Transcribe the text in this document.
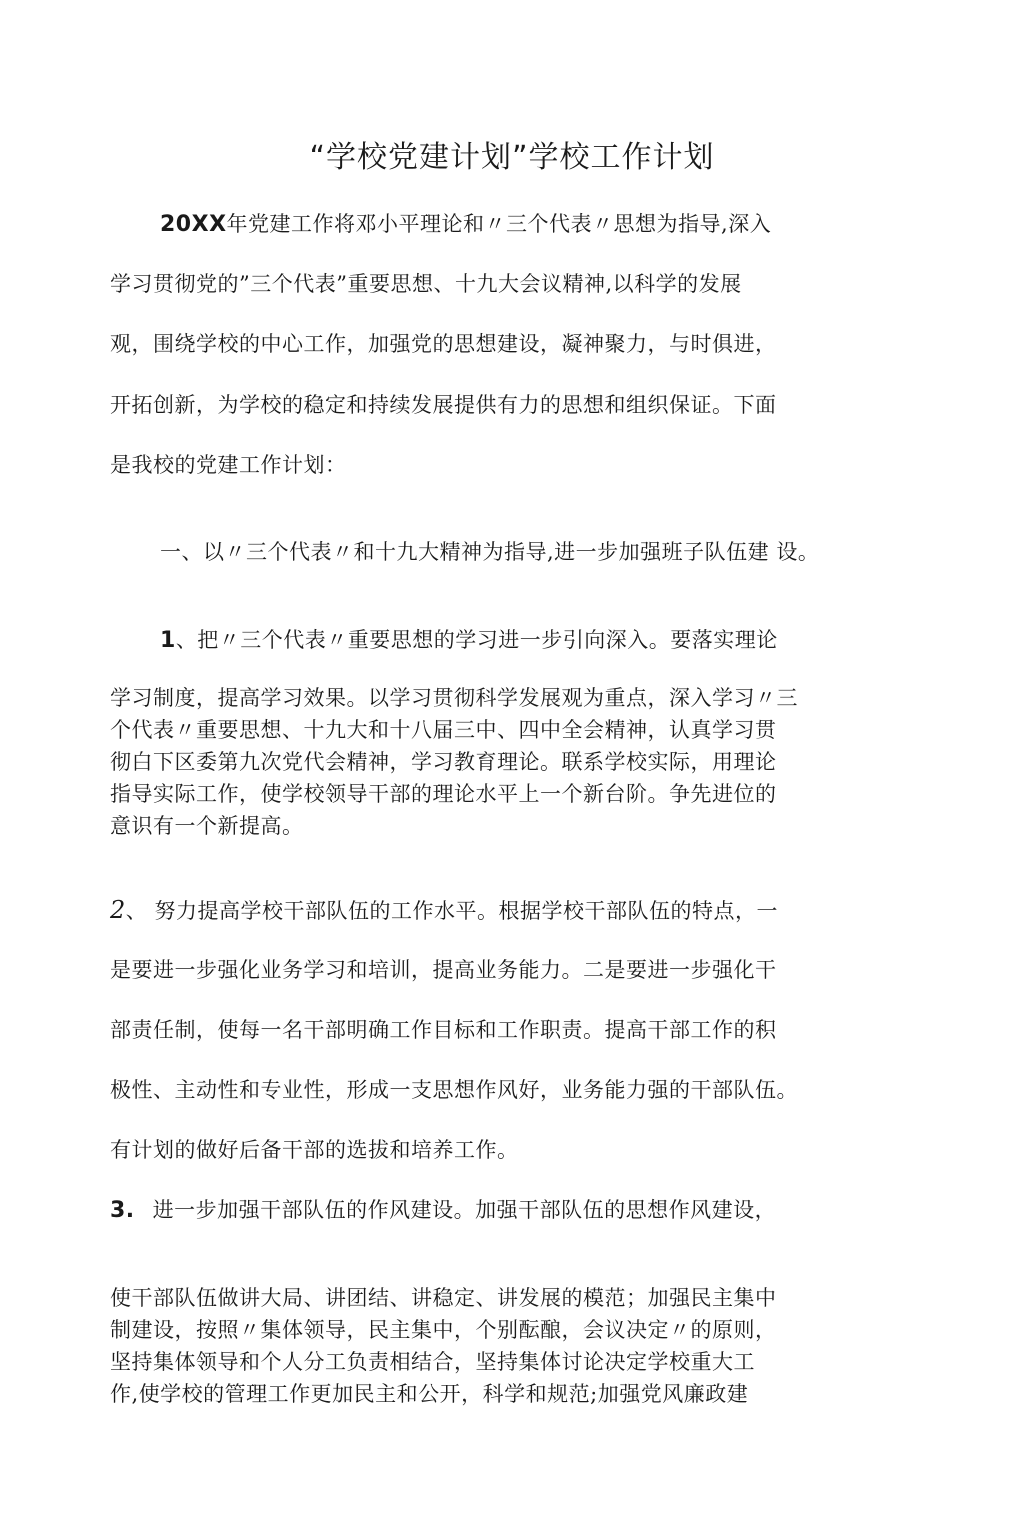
“学校党建计划”学校工作计划
20XX年党建工作将邓小平理论和〃三个代表〃思想为指导,深入
学习贯彻党的”三个代表”重要思想、十九大会议精神,以科学的发展
观，围绕学校的中心工作，加强党的思想建设，凝神聚力，与时俱进，
开拓创新，为学校的稳定和持续发展提供有力的思想和组织保证。下面
是我校的党建工作计划：
一、以〃三个代表〃和十九大精神为指导,进一步加强班子队伍建 设。
1、把〃三个代表〃重要思想的学习进一步引向深入。要落实理论
学习制度，提高学习效果。以学习贯彻科学发展观为重点，深入学习〃三
个代表〃重要思想、十九大和十八届三中、四中全会精神，认真学习贯
彻白下区委第九次党代会精神，学习教育理论。联系学校实际，用理论
指导实际工作，使学校领导干部的理论水平上一个新台阶。争先进位的
意识有一个新提高。
2、 努力提高学校干部队伍的工作水平。根据学校干部队伍的特点，一
是要进一步强化业务学习和培训，提高业务能力。二是要进一步强化干
部责任制，使每一名干部明确工作目标和工作职责。提高干部工作的积
极性、主动性和专业性，形成一支思想作风好，业务能力强的干部队伍。
有计划的做好后备干部的选拔和培养工作。
3. 进一步加强干部队伍的作风建设。加强干部队伍的思想作风建设，
使干部队伍做讲大局、讲团结、讲稳定、讲发展的模范；加强民主集中
制建设，按照〃集体领导，民主集中，个别酝酿，会议决定〃的原则，
坚持集体领导和个人分工负责相结合，坚持集体讨论决定学校重大工
作,使学校的管理工作更加民主和公开，科学和规范;加强党风廉政建
